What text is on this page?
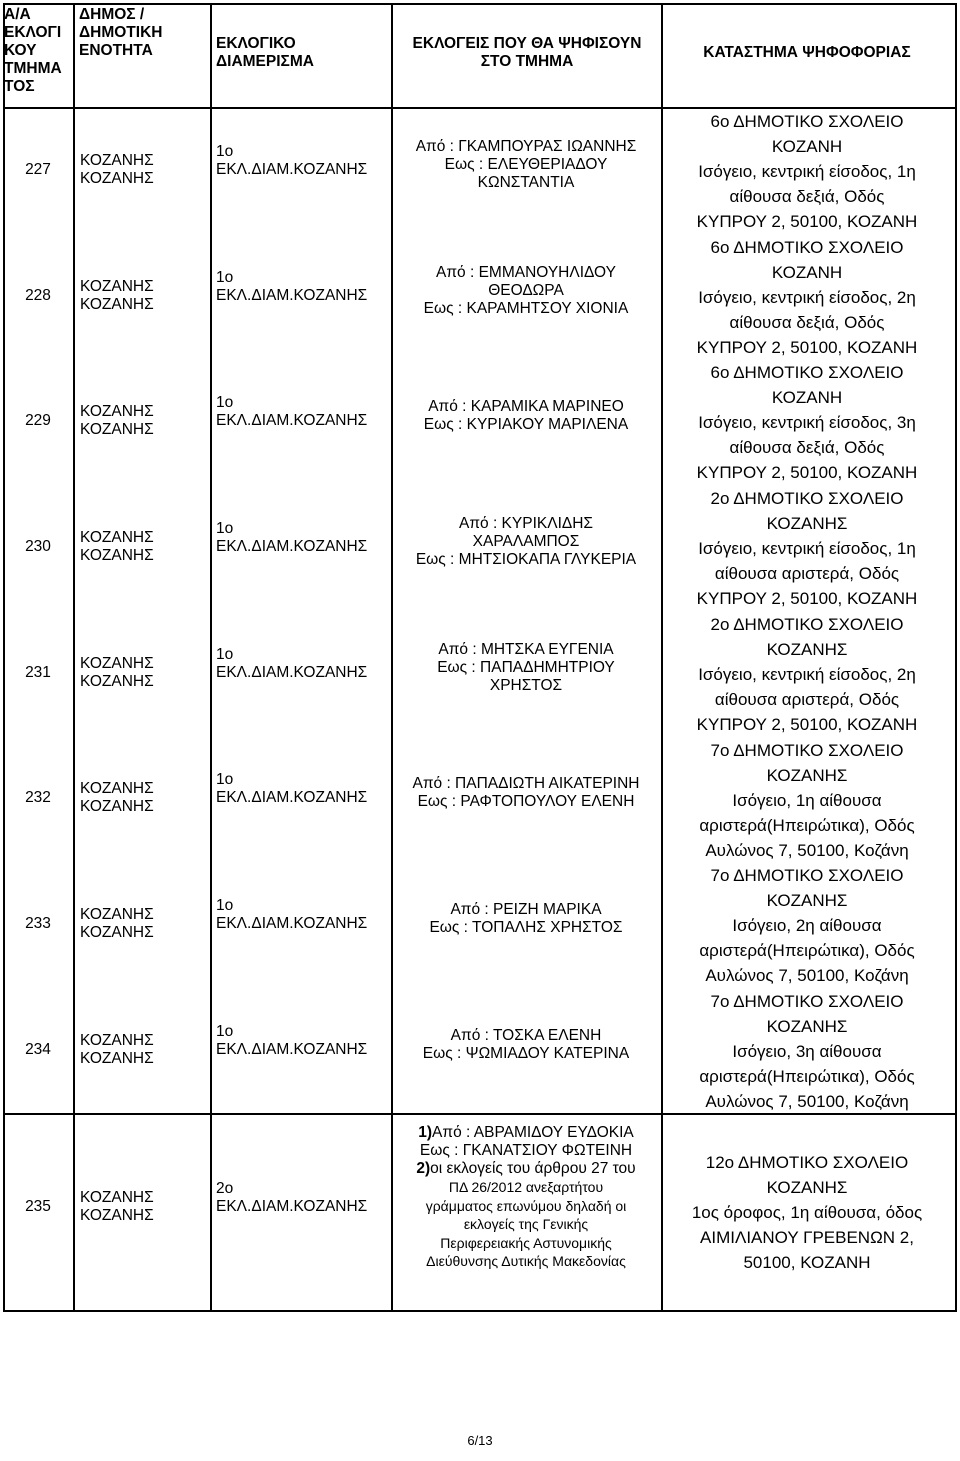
Α/Α
ΕΚΛΟΓΙ
ΚΟΥ
ΤΜΗΜΑ
ΤΟΣ
ΔΗΜΟΣ /
ΔΗΜΟΤΙΚΗ
ΕΝΟΤΗΤΑ	ΕΚΛΟΓΙΚΟ
ΔΙΑΜΕΡΙΣΜΑ
ΕΚΛΟΓΕΙΣ ΠΟΥ ΘΑ ΨΗΦΙΣΟΥΝ
ΣΤΟ ΤΜΗΜΑ
ΚΑΤΑΣΤΗΜΑ ΨΗΦΟΦΟΡΙΑΣ
227
ΚΟΖΑΝΗΣ
ΚΟΖΑΝΗΣ
1ο
ΕΚΛ.ΔΙΑΜ.ΚΟΖΑΝΗΣ
Από : ΓΚΑΜΠΟΥΡΑΣ ΙΩΑΝΝΗΣ
Εως : ΕΛΕΥΘΕΡΙΑΔΟΥ
ΚΩΝΣΤΑΝΤΙΑ
6ο ΔΗΜΟΤΙΚΟ ΣΧΟΛΕΙΟ
ΚΟΖΑΝΗ
Ισόγειο, κεντρική είσοδος, 1η
αίθουσα δεξιά, Οδός
ΚΥΠΡΟΥ 2, 50100, ΚΟΖΑΝΗ
228
ΚΟΖΑΝΗΣ
ΚΟΖΑΝΗΣ
1ο
ΕΚΛ.ΔΙΑΜ.ΚΟΖΑΝΗΣ
Από : ΕΜΜΑΝΟΥΗΛΙΔΟΥ
ΘΕΟΔΩΡΑ
Εως : ΚΑΡΑΜΗΤΣΟΥ ΧΙΟΝΙΑ
6ο ΔΗΜΟΤΙΚΟ ΣΧΟΛΕΙΟ
ΚΟΖΑΝΗ
Ισόγειο, κεντρική είσοδος, 2η
αίθουσα δεξιά, Οδός
ΚΥΠΡΟΥ 2, 50100, ΚΟΖΑΝΗ
229
ΚΟΖΑΝΗΣ
ΚΟΖΑΝΗΣ
1ο
ΕΚΛ.ΔΙΑΜ.ΚΟΖΑΝΗΣ
Από : ΚΑΡΑΜΙΚΑ ΜΑΡΙΝΕΟ
Εως : ΚΥΡΙΑΚΟΥ ΜΑΡΙΛΕΝΑ
6ο ΔΗΜΟΤΙΚΟ ΣΧΟΛΕΙΟ
ΚΟΖΑΝΗ
Ισόγειο, κεντρική είσοδος, 3η
αίθουσα δεξιά, Οδός
ΚΥΠΡΟΥ 2, 50100, ΚΟΖΑΝΗ
230
ΚΟΖΑΝΗΣ
ΚΟΖΑΝΗΣ
1ο
ΕΚΛ.ΔΙΑΜ.ΚΟΖΑΝΗΣ
Από : ΚΥΡΙΚΛΙΔΗΣ
ΧΑΡΑΛΑΜΠΟΣ
Εως : ΜΗΤΣΙΟΚΑΠΑ ΓΛΥΚΕΡΙΑ
2ο ΔΗΜΟΤΙΚΟ ΣΧΟΛΕΙΟ
ΚΟΖΑΝΗΣ
Ισόγειο, κεντρική είσοδος, 1η
αίθουσα αριστερά, Οδός
ΚΥΠΡΟΥ 2, 50100, ΚΟΖΑΝΗ
231
ΚΟΖΑΝΗΣ
ΚΟΖΑΝΗΣ
1ο
ΕΚΛ.ΔΙΑΜ.ΚΟΖΑΝΗΣ
Από : ΜΗΤΣΚΑ ΕΥΓΕΝΙΑ
Εως : ΠΑΠΑΔΗΜΗΤΡΙΟΥ
ΧΡΗΣΤΟΣ
2ο ΔΗΜΟΤΙΚΟ ΣΧΟΛΕΙΟ
ΚΟΖΑΝΗΣ
Ισόγειο, κεντρική είσοδος, 2η
αίθουσα αριστερά, Οδός
ΚΥΠΡΟΥ 2, 50100, ΚΟΖΑΝΗ
232
ΚΟΖΑΝΗΣ
ΚΟΖΑΝΗΣ
1ο
ΕΚΛ.ΔΙΑΜ.ΚΟΖΑΝΗΣ
Από : ΠΑΠΑΔΙΩΤΗ ΑΙΚΑΤΕΡΙΝΗ
Εως : ΡΑΦΤΟΠΟΥΛΟΥ ΕΛΕΝΗ
7ο ΔΗΜΟΤΙΚΟ ΣΧΟΛΕΙΟ
ΚΟΖΑΝΗΣ
Ισόγειο, 1η αίθουσα
αριστερά(Ηπειρώτικα), Οδός
Αυλώνος 7, 50100, Κοζάνη
233
ΚΟΖΑΝΗΣ
ΚΟΖΑΝΗΣ
1ο
ΕΚΛ.ΔΙΑΜ.ΚΟΖΑΝΗΣ
Από : ΡΕΙΖΗ ΜΑΡΙΚΑ
Εως : ΤΟΠΑΛΗΣ ΧΡΗΣΤΟΣ
7ο ΔΗΜΟΤΙΚΟ ΣΧΟΛΕΙΟ
ΚΟΖΑΝΗΣ
Ισόγειο, 2η αίθουσα
αριστερά(Ηπειρώτικα), Οδός
Αυλώνος 7, 50100, Κοζάνη
234
ΚΟΖΑΝΗΣ
ΚΟΖΑΝΗΣ
1ο
ΕΚΛ.ΔΙΑΜ.ΚΟΖΑΝΗΣ
Από : ΤΟΣΚΑ ΕΛΕΝΗ
Εως : ΨΩΜΙΑΔΟΥ ΚΑΤΕΡΙΝΑ
7ο ΔΗΜΟΤΙΚΟ ΣΧΟΛΕΙΟ
ΚΟΖΑΝΗΣ
Ισόγειο, 3η αίθουσα
αριστερά(Ηπειρώτικα), Οδός
Αυλώνος 7, 50100, Κοζάνη
235
ΚΟΖΑΝΗΣ
ΚΟΖΑΝΗΣ
2ο
ΕΚΛ.ΔΙΑΜ.ΚΟΖΑΝΗΣ
1)Από : ΑΒΡΑΜΙΔΟΥ ΕΥΔΟΚΙΑ
Εως : ΓΚΑΝΑΤΣΙΟΥ ΦΩΤΕΙΝΗ
2)οι εκλογείς του άρθρου 27 του
ΠΔ 26/2012 ανεξαρτήτου
γράμματος επωνύμου δηλαδή οι
εκλογείς της Γενικής
Περιφερειακής Αστυνομικής
Διεύθυνσης Δυτικής Μακεδονίας
12ο ΔΗΜΟΤΙΚΟ ΣΧΟΛΕΙΟ
ΚΟΖΑΝΗΣ
1ος όροφος, 1η αίθουσα, όδος
ΑΙΜΙΛΙΑΝΟΥ ΓΡΕΒΕΝΩΝ 2,
50100, ΚΟΖΑΝΗ
6/13
